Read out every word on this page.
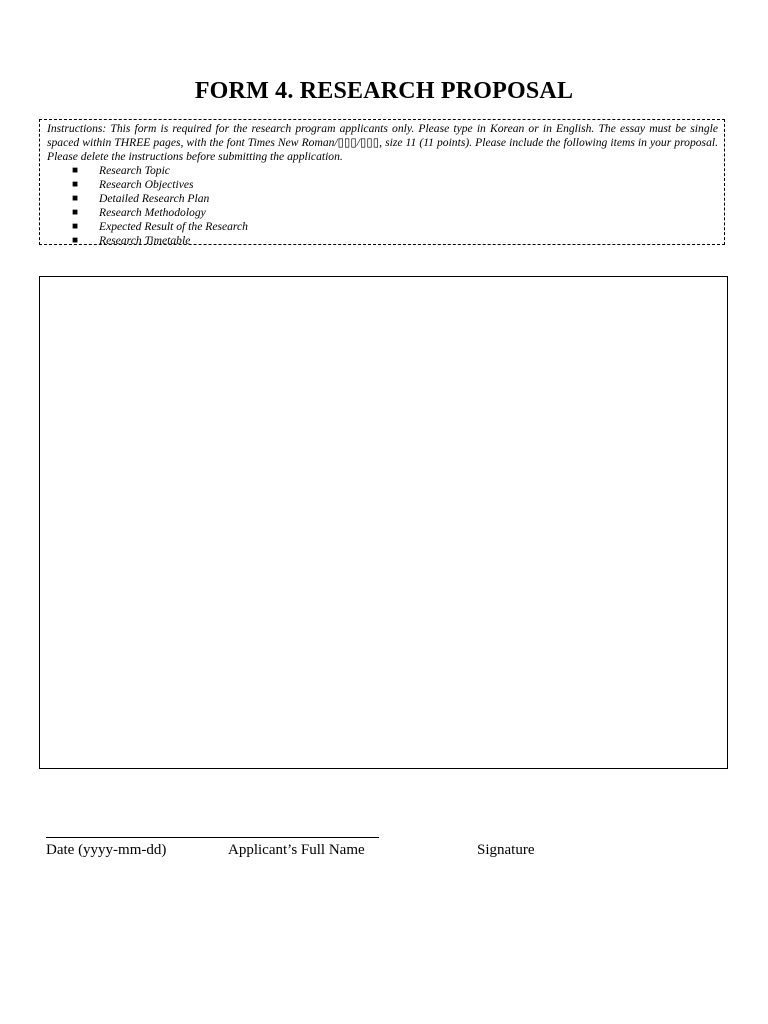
FORM 4. RESEARCH PROPOSAL

Instructions: This form is required for the research program applicants only. Please type in Korean or in English. The essay must be single spaced within THREE pages, with the font Times New Roman/▯▯▯/▯▯▯, size 11 (11 points). Please include the following items in your proposal. Please delete the instructions before submitting the application.

■	Research Topic
■	Research Objectives
■	Detailed Research Plan
■	Research Methodology
■	Expected Result of the Research
■	Research Timetable
Date (yyyy-mm-dd)	Applicant’s Full Name	Signature
